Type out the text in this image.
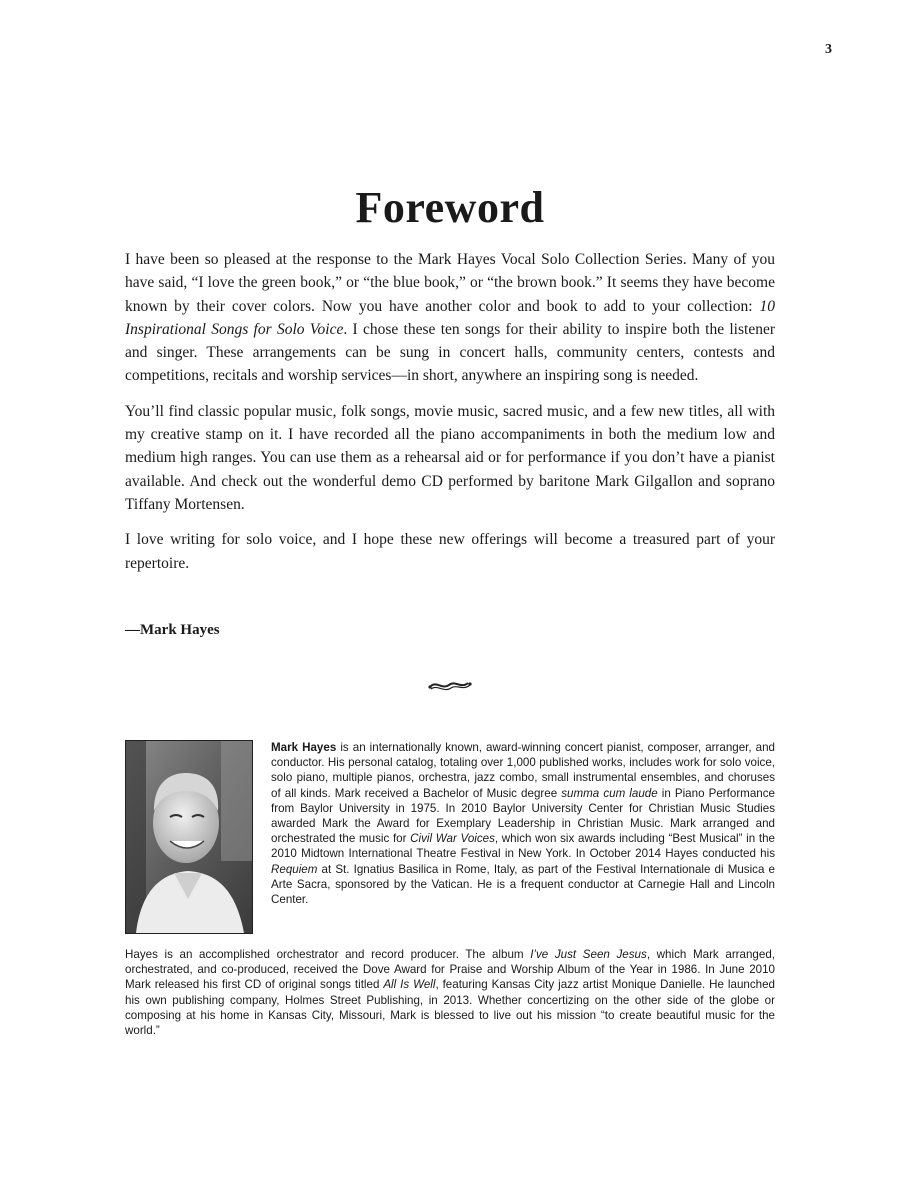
3
Foreword

I have been so pleased at the response to the Mark Hayes Vocal Solo Collection Series. Many of you have said, “I love the green book,” or “the blue book,” or “the brown book.” It seems they have become known by their cover colors. Now you have another color and book to add to your collection: 10 Inspirational Songs for Solo Voice. I chose these ten songs for their ability to inspire both the listener and singer. These arrangements can be sung in concert halls, community centers, contests and competitions, recitals and worship services—in short, anywhere an inspiring song is needed.

You’ll find classic popular music, folk songs, movie music, sacred music, and a few new titles, all with my creative stamp on it. I have recorded all the piano accompaniments in both the medium low and medium high ranges. You can use them as a rehearsal aid or for performance if you don’t have a pianist available. And check out the wonderful demo CD performed by baritone Mark Gilgallon and soprano Tiffany Mortensen.

I love writing for solo voice, and I hope these new offerings will become a treasured part of your repertoire.

—Mark Hayes

Mark Hayes is an internationally known, award-winning concert pianist, composer, arranger, and conductor. His personal catalog, totaling over 1,000 published works, includes work for solo voice, solo piano, multiple pianos, orchestra, jazz combo, small instrumental ensembles, and choruses of all kinds. Mark received a Bachelor of Music degree summa cum laude in Piano Performance from Baylor University in 1975. In 2010 Baylor University Center for Christian Music Studies awarded Mark the Award for Exemplary Leadership in Christian Music. Mark arranged and orchestrated the music for Civil War Voices, which won six awards including “Best Musical” in the 2010 Midtown International Theatre Festival in New York. In October 2014 Hayes conducted his Requiem at St. Ignatius Basilica in Rome, Italy, as part of the Festival Internationale di Musica e Arte Sacra, sponsored by the Vatican. He is a frequent conductor at Carnegie Hall and Lincoln Center.

Hayes is an accomplished orchestrator and record producer. The album I’ve Just Seen Jesus, which Mark arranged, orchestrated, and co-produced, received the Dove Award for Praise and Worship Album of the Year in 1986. In June 2010 Mark released his first CD of original songs titled All Is Well, featuring Kansas City jazz artist Monique Danielle. He launched his own publishing company, Holmes Street Publishing, in 2013. Whether concertizing on the other side of the globe or composing at his home in Kansas City, Missouri, Mark is blessed to live out his mission “to create beautiful music for the world.”
